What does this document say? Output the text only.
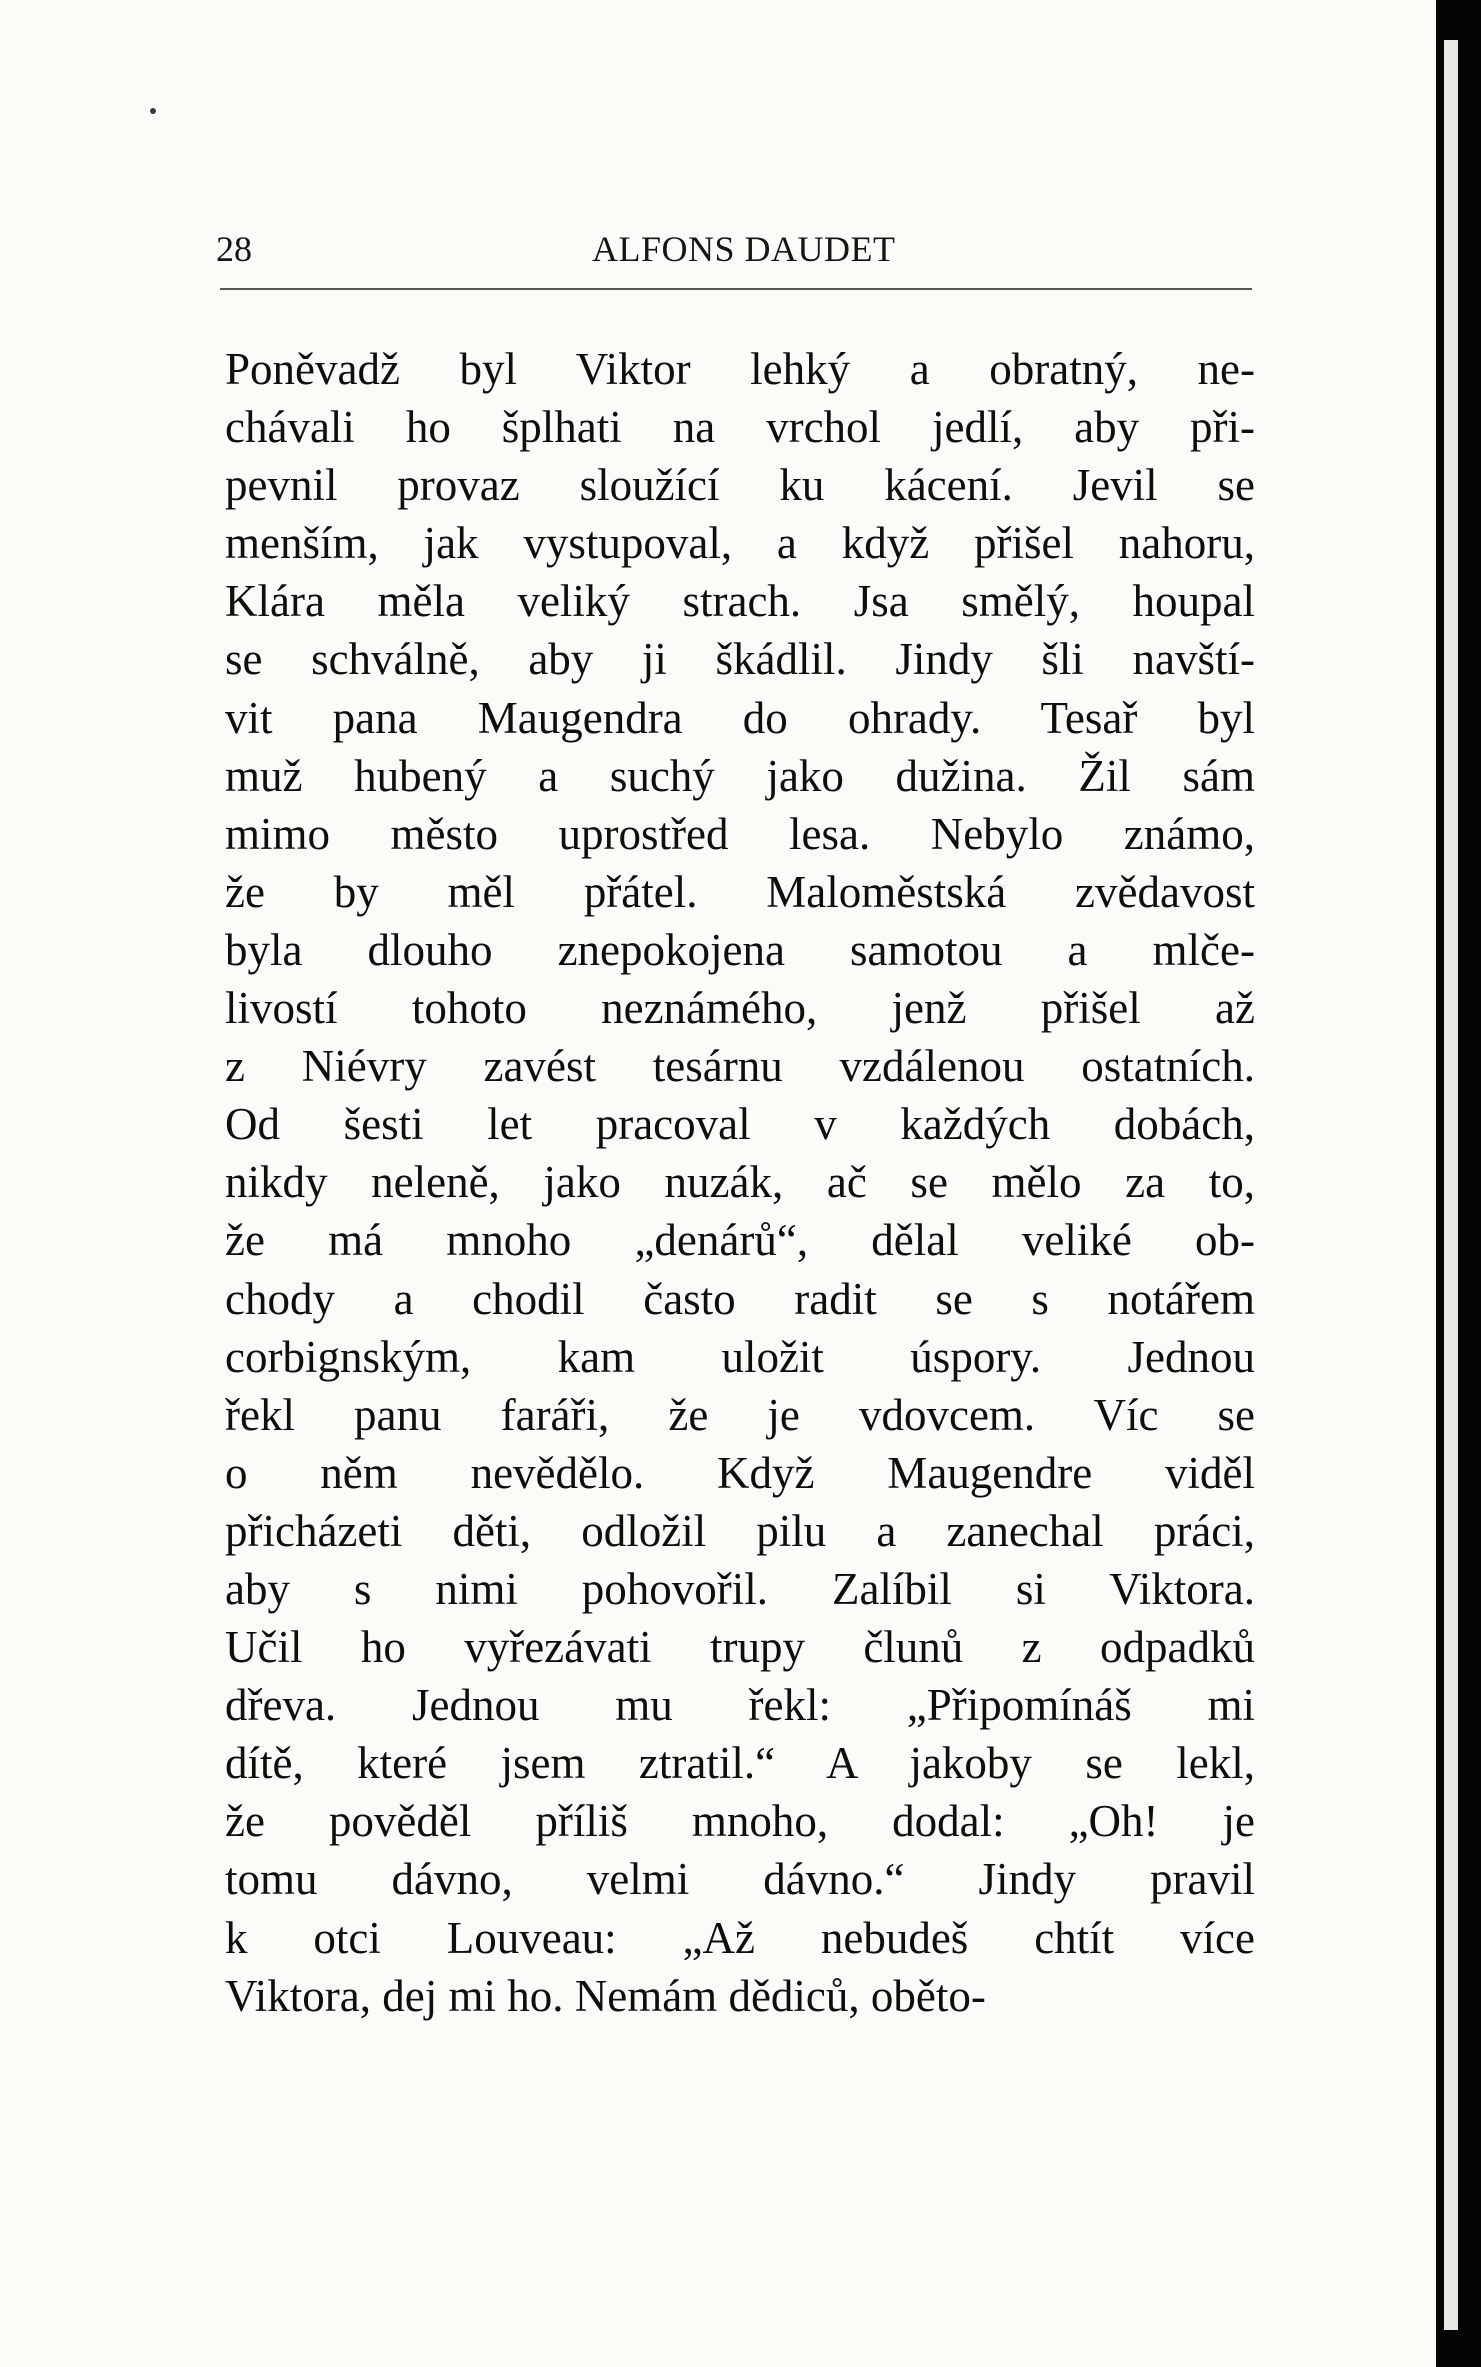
28	ALFONS DAUDET
Poněvadž byl Viktor lehký a obratný, ne-
chávali ho šplhati na vrchol jedlí, aby při-
pevnil provaz sloužící ku kácení. Jevil se
menším, jak vystupoval, a když přišel nahoru,
Klára měla veliký strach. Jsa smělý, houpal
se schválně, aby ji škádlil. Jindy šli navští-
vit pana Maugendra do ohrady. Tesař byl
muž hubený a suchý jako dužina. Žil sám
mimo město uprostřed lesa. Nebylo známo,
že by měl přátel. Maloměstská zvědavost
byla dlouho znepokojena samotou a mlče-
livostí tohoto neznámého, jenž přišel až
z Niévry zavést tesárnu vzdálenou ostatních.
Od šesti let pracoval v každých dobách,
nikdy neleně, jako nuzák, ač se mělo za to,
že má mnoho „denárů“, dělal veliké ob-
chody a chodil často radit se s notářem
corbignským, kam uložit úspory. Jednou
řekl panu faráři, že je vdovcem. Víc se
o něm nevědělo. Když Maugendre viděl
přicházeti děti, odložil pilu a zanechal práci,
aby s nimi pohovořil. Zalíbil si Viktora.
Učil ho vyřezávati trupy člunů z odpadků
dřeva. Jednou mu řekl: „Připomínáš mi
dítě, které jsem ztratil.“ A jakoby se lekl,
že pověděl příliš mnoho, dodal: „Oh! je
tomu dávno, velmi dávno.“ Jindy pravil
k otci Louveau: „Až nebudeš chtít více
Viktora, dej mi ho. Nemám dědiců, oběto-
